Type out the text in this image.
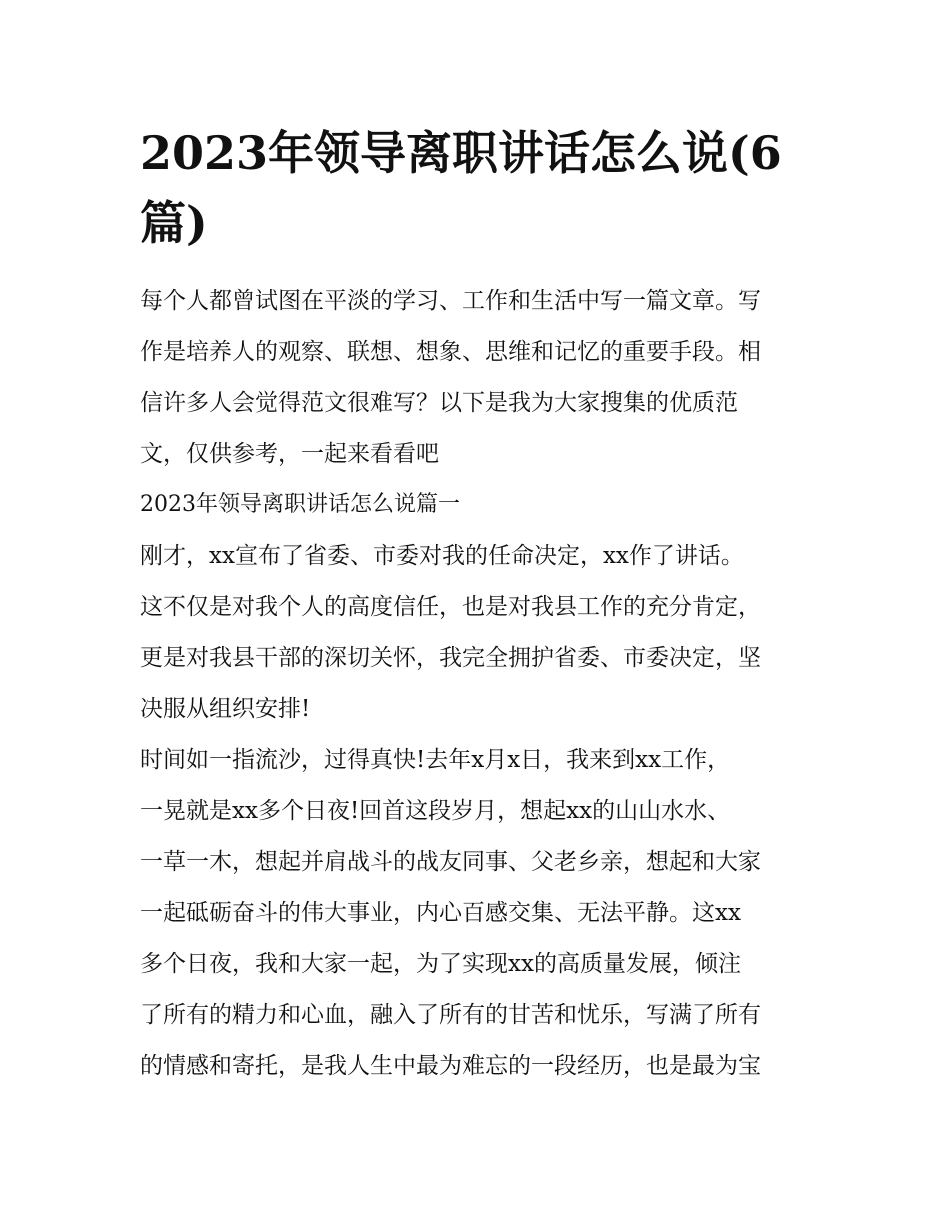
2023年领导离职讲话怎么说(6
篇)
每个人都曾试图在平淡的学习、工作和生活中写一篇文章。写
作是培养人的观察、联想、想象、思维和记忆的重要手段。相
信许多人会觉得范文很难写？以下是我为大家搜集的优质范
文，仅供参考，一起来看看吧
2023年领导离职讲话怎么说篇一
刚才，xx宣布了省委、市委对我的任命决定，xx作了讲话。
这不仅是对我个人的高度信任，也是对我县工作的充分肯定，
更是对我县干部的深切关怀，我完全拥护省委、市委决定，坚
决服从组织安排!
时间如一指流沙，过得真快!去年x月x日，我来到xx工作，
一晃就是xx多个日夜!回首这段岁月，想起xx的山山水水、
一草一木，想起并肩战斗的战友同事、父老乡亲，想起和大家
一起砥砺奋斗的伟大事业，内心百感交集、无法平静。这xx
多个日夜，我和大家一起，为了实现xx的高质量发展，倾注
了所有的精力和心血，融入了所有的甘苦和忧乐，写满了所有
的情感和寄托，是我人生中最为难忘的一段经历，也是最为宝
